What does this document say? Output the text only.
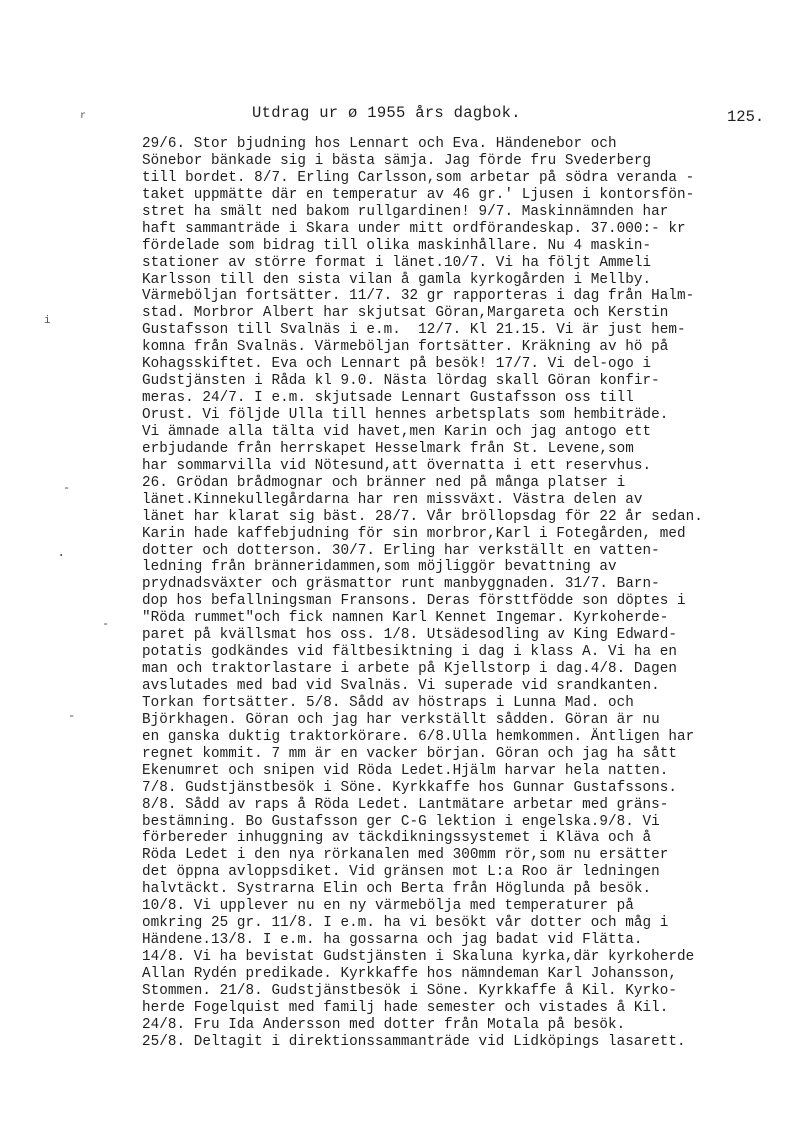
Utdrag ur ø 1955 års dagbok.	125.
r
i
-
.
-
-
29/6. Stor bjudning hos Lennart och Eva. Händenebor och
Sönebor bänkade sig i bästa sämja. Jag förde fru Svederberg
till bordet. 8/7. Erling Carlsson,som arbetar på södra veranda -
taket uppmätte där en temperatur av 46 gr.' Ljusen i kontorsfön-
stret ha smält ned bakom rullgardinen! 9/7. Maskinnämnden har
haft sammanträde i Skara under mitt ordförandeskap. 37.000:- kr
fördelade som bidrag till olika maskinhållare. Nu 4 maskin-
stationer av större format i länet.10/7. Vi ha följt Ammeli
Karlsson till den sista vilan å gamla kyrkogården i Mellby.
Värmeböljan fortsätter. 11/7. 32 gr rapporteras i dag från Halm-
stad. Morbror Albert har skjutsat Göran,Margareta och Kerstin
Gustafsson till Svalnäs i e.m.  12/7. Kl 21.15. Vi är just hem-
komna från Svalnäs. Värmeböljan fortsätter. Kräkning av hö på
Kohagsskiftet. Eva och Lennart på besök! 17/7. Vi del-ogo i
Gudstjänsten i Råda kl 9.0. Nästa lördag skall Göran konfir-
meras. 24/7. I e.m. skjutsade Lennart Gustafsson oss till
Orust. Vi följde Ulla till hennes arbetsplats som hembiträde.
Vi ämnade alla tälta vid havet,men Karin och jag antogo ett
erbjudande från herrskapet Hesselmark från St. Levene,som
har sommarvilla vid Nötesund,att övernatta i ett reservhus.
26. Grödan brådmognar och bränner ned på många platser i
länet.Kinnekullegårdarna har ren missväxt. Västra delen av
länet har klarat sig bäst. 28/7. Vår bröllopsdag för 22 år sedan.
Karin hade kaffebjudning för sin morbror,Karl i Fotegården, med
dotter och dotterson. 30/7. Erling har verkställt en vatten-
ledning från bränneridammen,som möjliggör bevattning av
prydnadsväxter och gräsmattor runt manbyggnaden. 31/7. Barn-
dop hos befallningsman Fransons. Deras försttfödde son döptes i
"Röda rummet"och fick namnen Karl Kennet Ingemar. Kyrkoherde-
paret på kvällsmat hos oss. 1/8. Utsädesodling av King Edward-
potatis godkändes vid fältbesiktning i dag i klass A. Vi ha en
man och traktorlastare i arbete på Kjellstorp i dag.4/8. Dagen
avslutades med bad vid Svalnäs. Vi superade vid srandkanten.
Torkan fortsätter. 5/8. Sådd av höstraps i Lunna Mad. och
Björkhagen. Göran och jag har verkställt sådden. Göran är nu
en ganska duktig traktorkörare. 6/8.Ulla hemkommen. Äntligen har
regnet kommit. 7 mm är en vacker början. Göran och jag ha sått
Ekenumret och snipen vid Röda Ledet.Hjälm harvar hela natten.
7/8. Gudstjänstbesök i Söne. Kyrkkaffe hos Gunnar Gustafssons.
8/8. Sådd av raps å Röda Ledet. Lantmätare arbetar med gräns-
bestämning. Bo Gustafsson ger C-G lektion i engelska.9/8. Vi
förbereder inhuggning av täckdikningssystemet i Kläva och å
Röda Ledet i den nya rörkanalen med 300mm rör,som nu ersätter
det öppna avloppsdiket. Vid gränsen mot L:a Roo är ledningen
halvtäckt. Systrarna Elin och Berta från Höglunda på besök.
10/8. Vi upplever nu en ny värmebölja med temperaturer på
omkring 25 gr. 11/8. I e.m. ha vi besökt vår dotter och måg i
Händene.13/8. I e.m. ha gossarna och jag badat vid Flätta.
14/8. Vi ha bevistat Gudstjänsten i Skaluna kyrka,där kyrkoherde
Allan Rydén predikade. Kyrkkaffe hos nämndeman Karl Johansson,
Stommen. 21/8. Gudstjänstbesök i Söne. Kyrkkaffe å Kil. Kyrko-
herde Fogelquist med familj hade semester och vistades å Kil.
24/8. Fru Ida Andersson med dotter från Motala på besök.
25/8. Deltagit i direktionssammanträde vid Lidköpings lasarett.
